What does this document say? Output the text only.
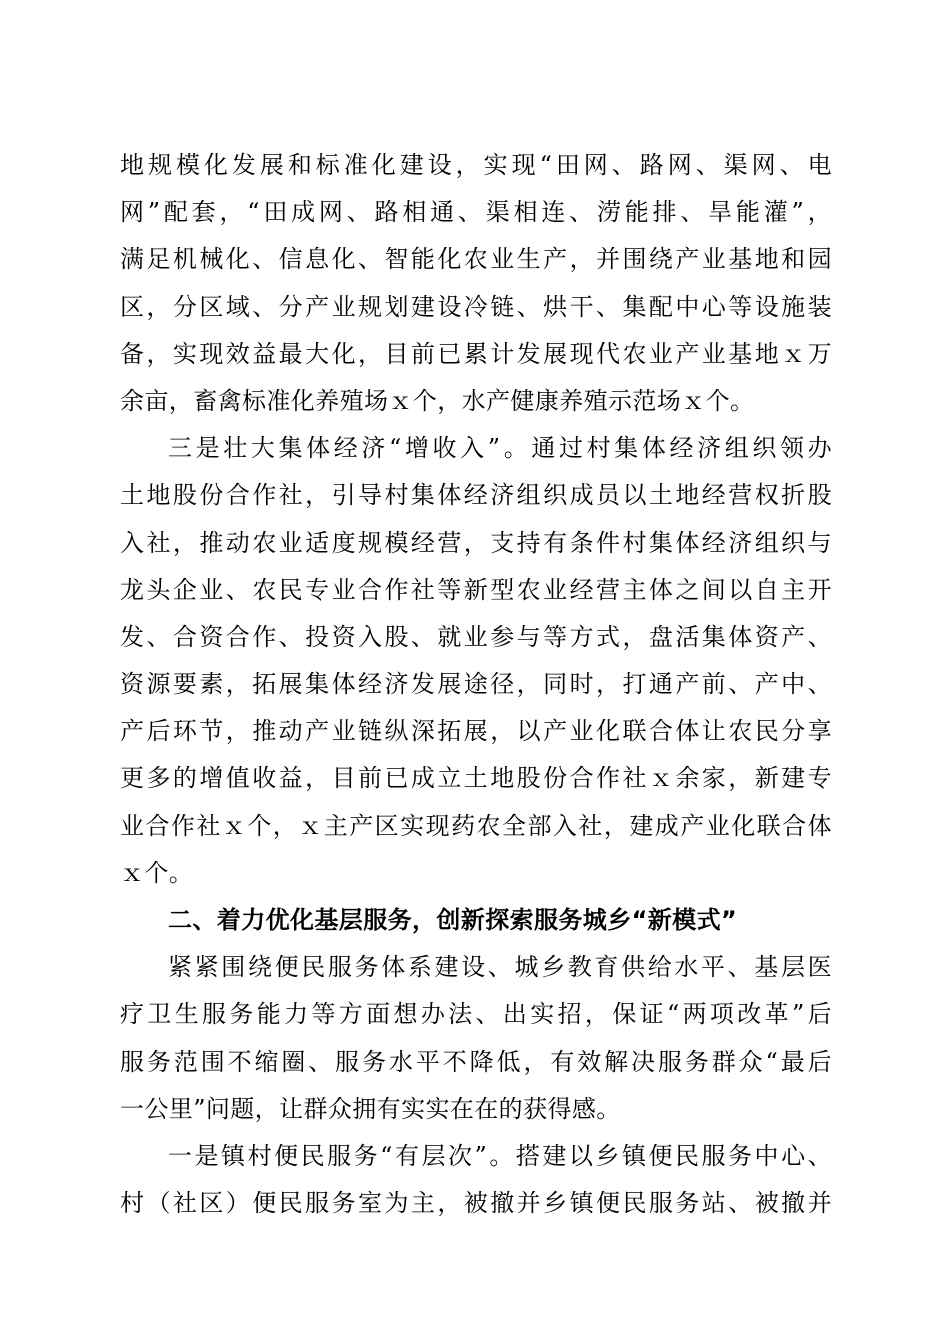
地规模化发展和标准化建设，实现“田网、路网、渠网、电
网”配套，“田成网、路相通、渠相连、涝能排、旱能灌”，
满足机械化、信息化、智能化农业生产，并围绕产业基地和园
区，分区域、分产业规划建设冷链、烘干、集配中心等设施装
备，实现效益最大化，目前已累计发展现代农业产业基地ｘ万
余亩，畜禽标准化养殖场ｘ个，水产健康养殖示范场ｘ个。
三是壮大集体经济“增收入”。通过村集体经济组织领办
土地股份合作社，引导村集体经济组织成员以土地经营权折股
入社，推动农业适度规模经营，支持有条件村集体经济组织与
龙头企业、农民专业合作社等新型农业经营主体之间以自主开
发、合资合作、投资入股、就业参与等方式，盘活集体资产、
资源要素，拓展集体经济发展途径，同时，打通产前、产中、
产后环节，推动产业链纵深拓展，以产业化联合体让农民分享
更多的增值收益，目前已成立土地股份合作社ｘ余家，新建专
业合作社ｘ个，ｘ主产区实现药农全部入社，建成产业化联合体
ｘ个。
二、着力优化基层服务，创新探索服务城乡“新模式”
紧紧围绕便民服务体系建设、城乡教育供给水平、基层医
疗卫生服务能力等方面想办法、出实招，保证“两项改革”后
服务范围不缩圈、服务水平不降低，有效解决服务群众“最后
一公里”问题，让群众拥有实实在在的获得感。
一是镇村便民服务“有层次”。搭建以乡镇便民服务中心、
村（社区）便民服务室为主，被撤并乡镇便民服务站、被撤并
